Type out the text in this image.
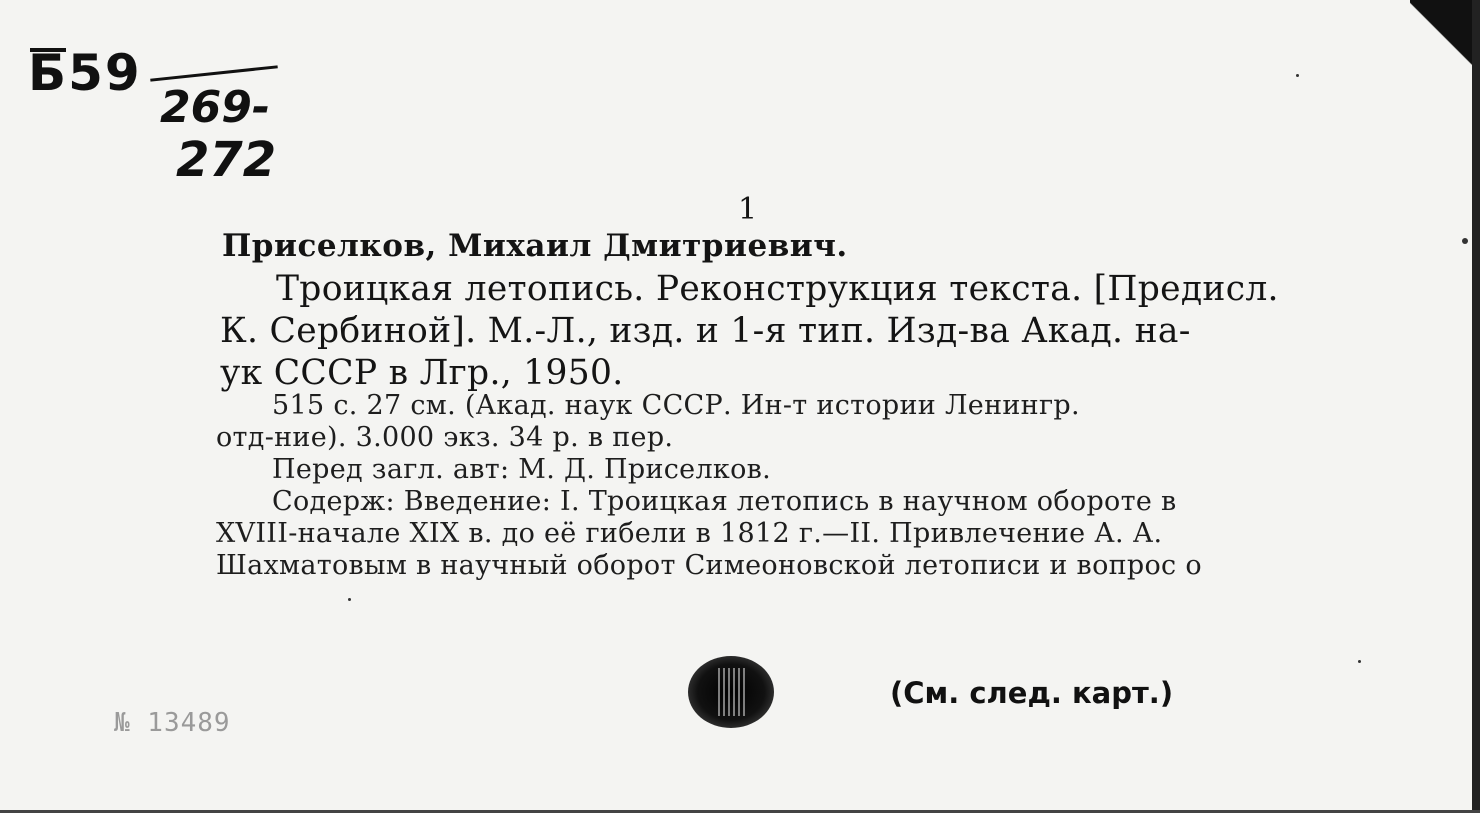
Б59
269-
272
1
Приселков, Михаил Дмитриевич.
Троицкая летопись. Реконструкция текста. [Предисл.
К. Сербиной]. М.-Л., изд. и 1-я тип. Изд-ва Акад. на-
ук СССР в Лгр., 1950.
515 с. 27 см. (Акад. наук СССР. Ин-т истории Ленингр.
отд-ние). 3.000 экз. 34 р. в пер.
Перед загл. авт: М. Д. Приселков.
Содерж: Введение: I. Троицкая летопись в научном обороте в
XVIII-начале XIX в. до её гибели в 1812 г.—II. Привлечение А. А.
Шахматовым в научный оборот Симеоновской летописи и вопрос о
(См. след. карт.)
№ 13489
